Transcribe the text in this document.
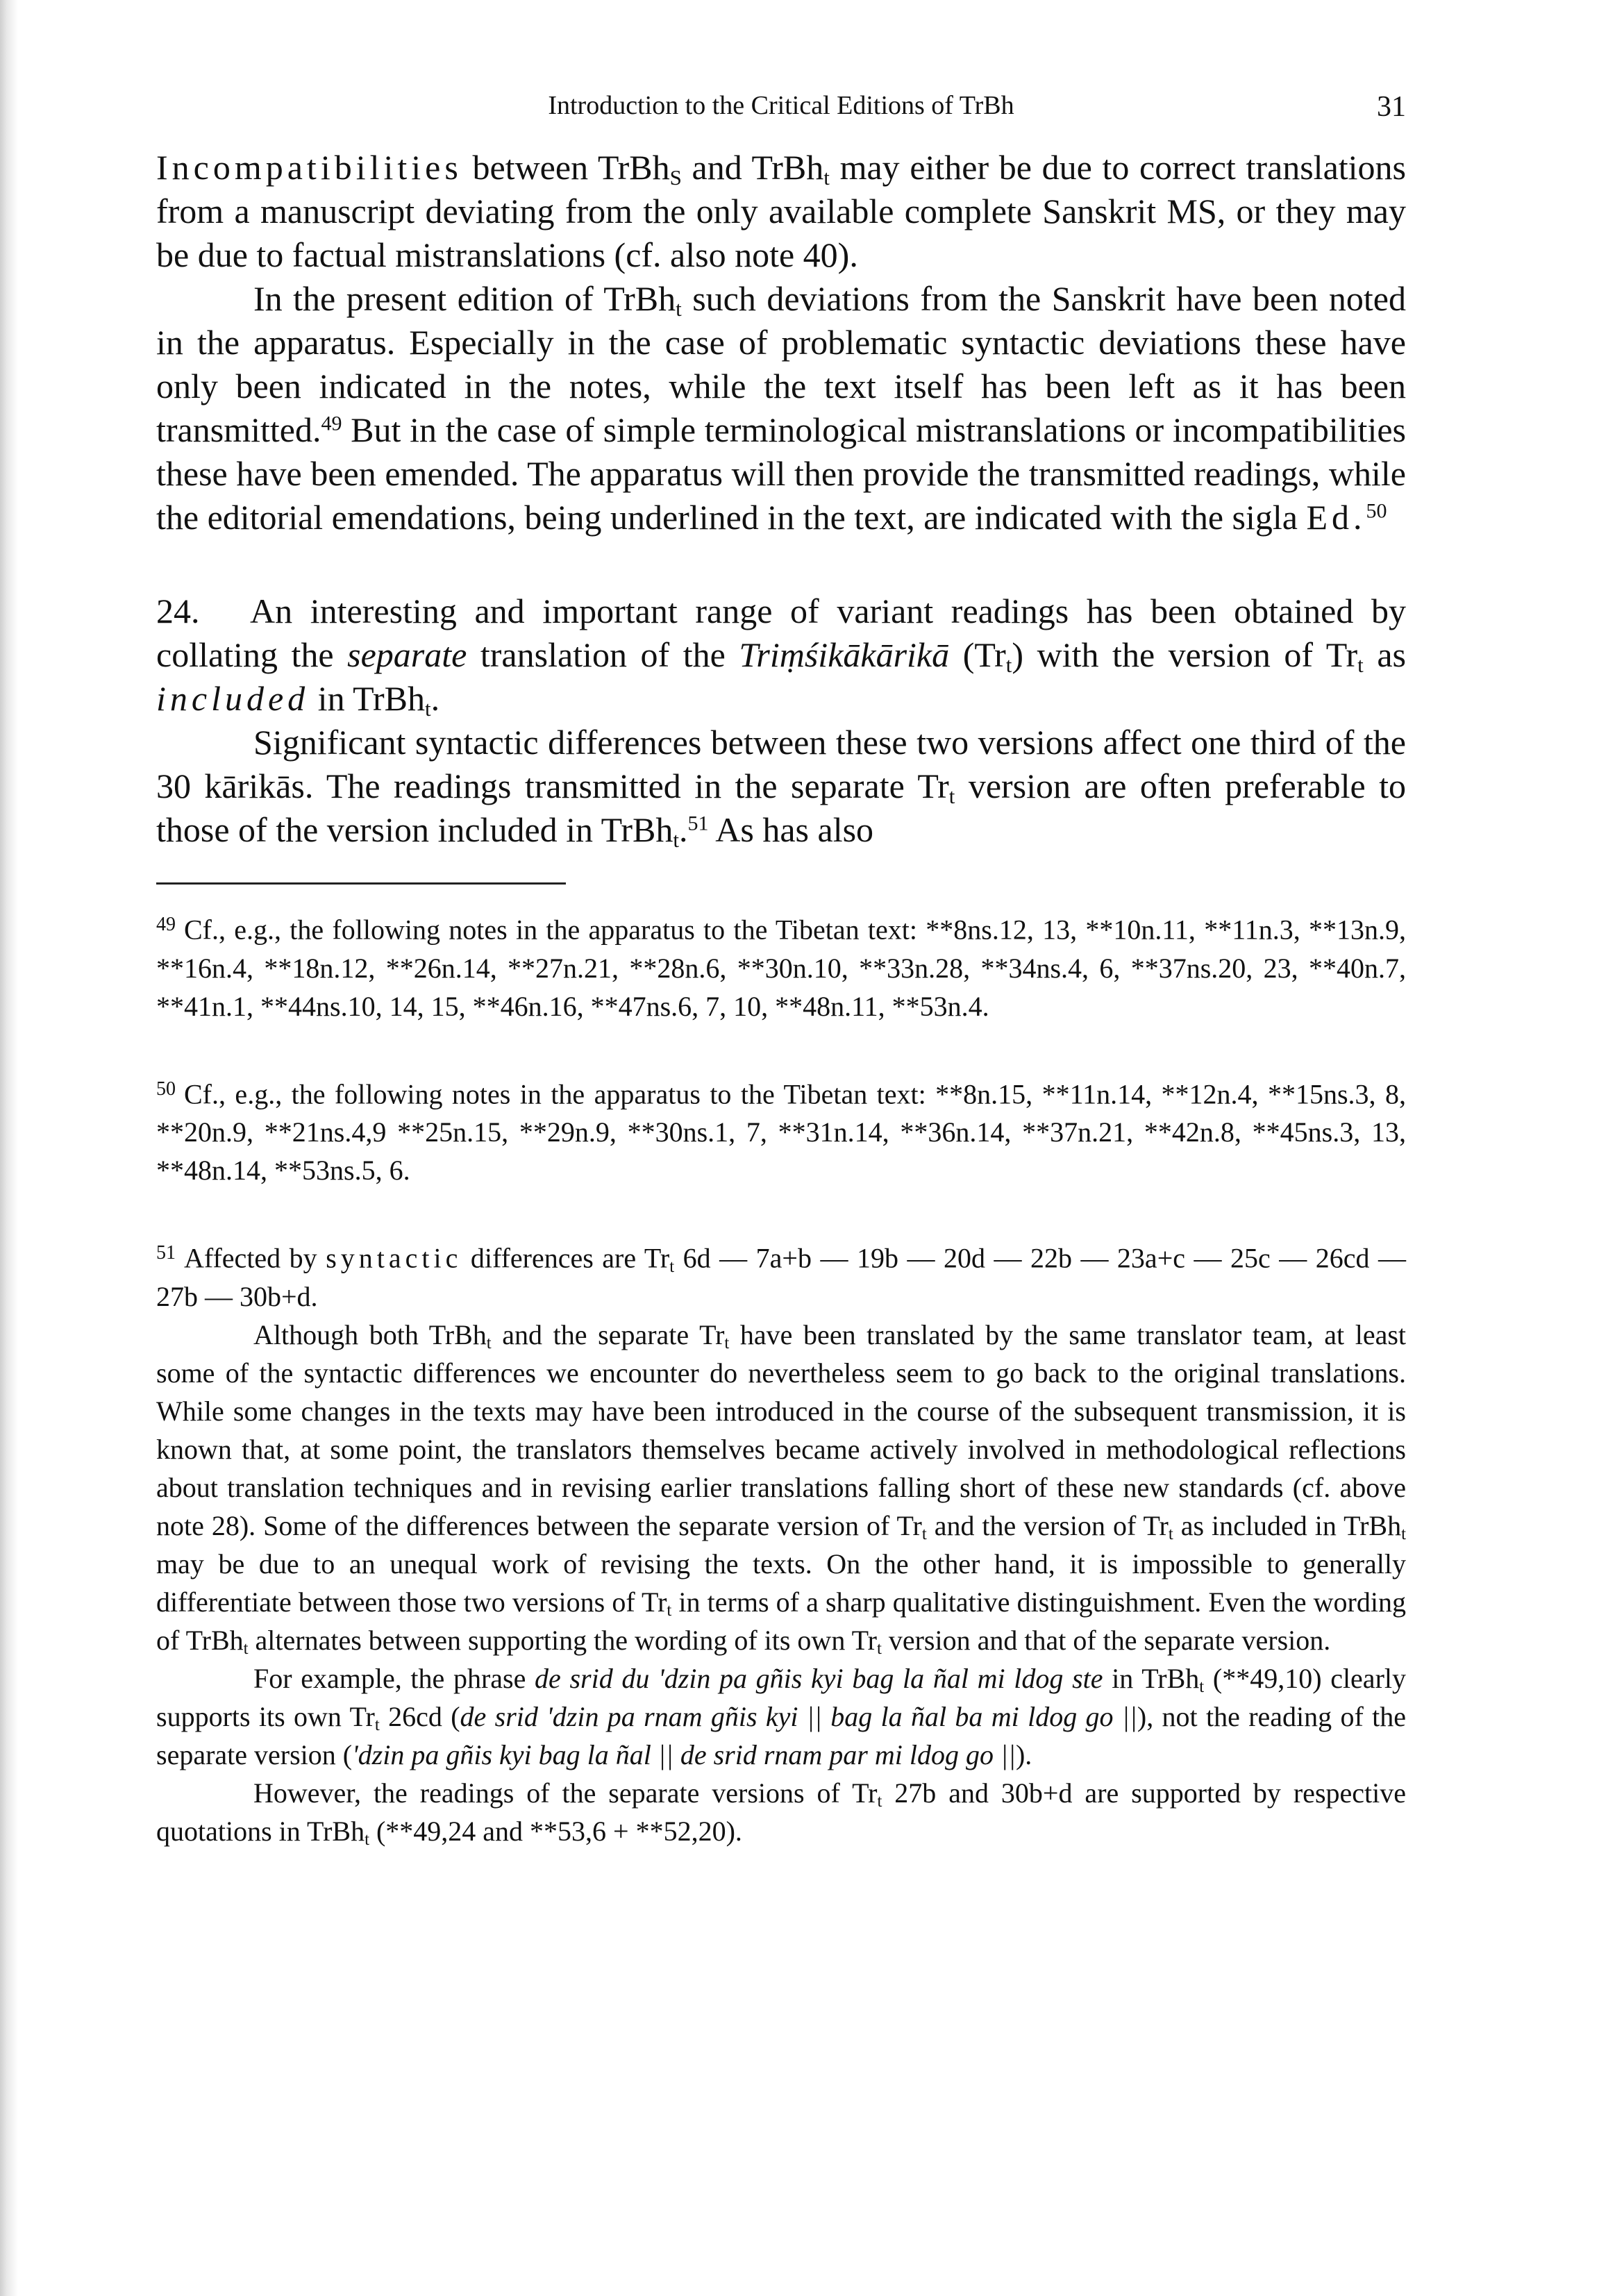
Introduction to the Critical Editions of TrBh	31

Incompatibilities between TrBh$_S$ and TrBh$_t$ may either be due to correct translations from a manuscript deviating from the only available complete Sanskrit MS, or they may be due to factual mistranslations (cf. also note 40).

In the present edition of TrBh$_t$ such deviations from the Sanskrit have been noted in the apparatus. Especially in the case of problematic syntactic deviations these have only been indicated in the notes, while the text itself has been left as it has been transmitted.$^{49}$ But in the case of simple terminological mistranslations or incompatibilities these have been emended. The apparatus will then provide the transmitted readings, while the editorial emendations, being underlined in the text, are indicated with the sigla Ed.$^{50}$

24. An interesting and important range of variant readings has been obtained by collating the separate translation of the Triṃśikākārikā $(Tr_t)$ with the version of $Tr_t$ as included in TrBh$_t$.

Significant syntactic differences between these two versions affect one third of the 30 kārikās. The readings transmitted in the separate $Tr_t$ version are often preferable to those of the version included in TrBh$_t$.$^{51}$ As has also

$^{49}$ Cf., e.g., the following notes in the apparatus to the Tibetan text: **8ns.12, 13, **10n.11, **11n.3, **13n.9, **16n.4, **18n.12, **26n.14, **27n.21, **28n.6, **30n.10, **33n.28, **34ns.4, 6, **37ns.20, 23, **40n.7, **41n.1, **44ns.10, 14, 15, **46n.16, **47ns.6, 7, 10, **48n.11, **53n.4.

$^{50}$ Cf., e.g., the following notes in the apparatus to the Tibetan text: **8n.15, **11n.14, **12n.4, **15ns.3, 8, **20n.9, **21ns.4,9 **25n.15, **29n.9, **30ns.1, 7, **31n.14, **36n.14, **37n.21, **42n.8, **45ns.3, 13, **48n.14, **53ns.5, 6.

$^{51}$ Affected by syntactic differences are $Tr_t$ 6d — 7a+b — 19b — 20d — 22b — 23a+c — 25c — 26cd — 27b — 30b+d.

Although both TrBh$_t$ and the separate $Tr_t$ have been translated by the same translator team, at least some of the syntactic differences we encounter do nevertheless seem to go back to the original translations. While some changes in the texts may have been introduced in the course of the subsequent transmission, it is known that, at some point, the translators themselves became actively involved in methodological reflections about translation techniques and in revising earlier translations falling short of these new standards (cf. above note 28). Some of the differences between the separate version of $Tr_t$ and the version of $Tr_t$ as included in TrBh$_t$ may be due to an unequal work of revising the texts. On the other hand, it is impossible to generally differentiate between those two versions of $Tr_t$ in terms of a sharp qualitative distinguishment. Even the wording of TrBh$_t$ alternates between supporting the wording of its own $Tr_t$ version and that of the separate version.

For example, the phrase de srid du 'dzin pa gñis kyi bag la ñal mi ldog ste in TrBh$_t$ (**49,10) clearly supports its own $Tr_t$ 26cd (de srid 'dzin pa rnam gñis kyi || bag la ñal ba mi ldog go ||), not the reading of the separate version ('dzin pa gñis kyi bag la ñal || de srid rnam par mi ldog go ||).

However, the readings of the separate versions of $Tr_t$ 27b and 30b+d are supported by respective quotations in TrBh$_t$ (**49,24 and **53,6 + **52,20).
